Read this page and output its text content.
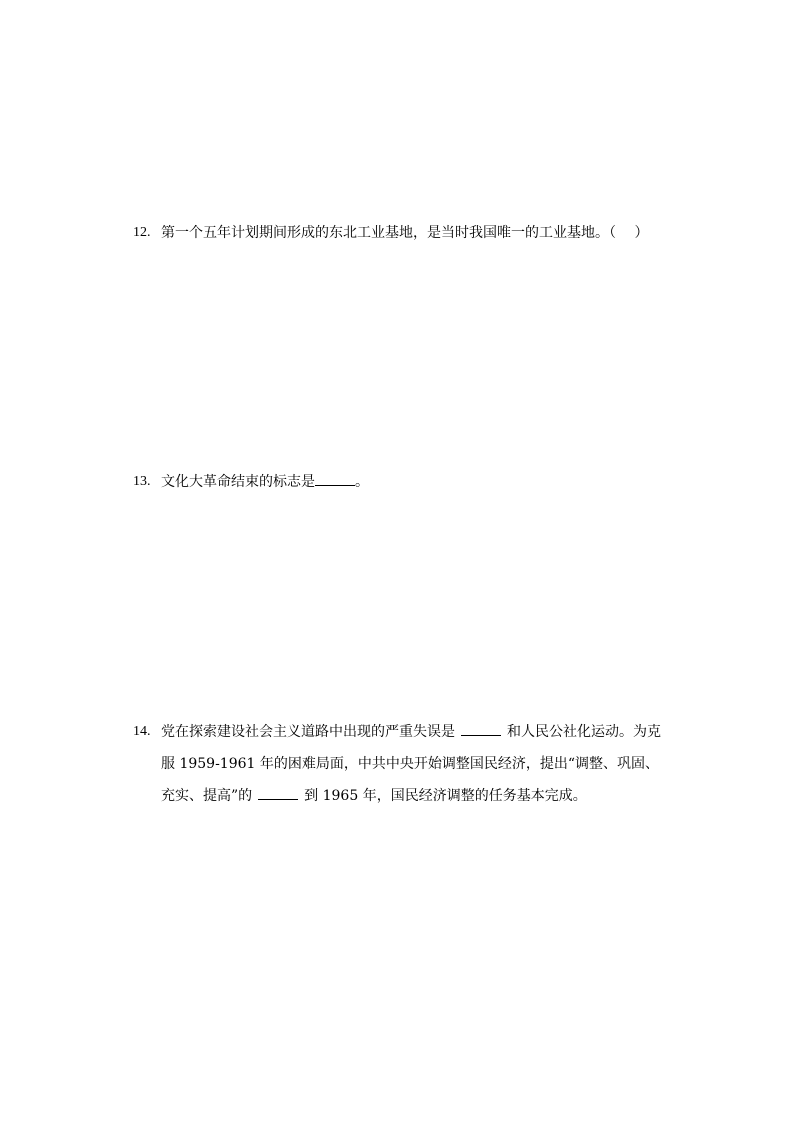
12. 第一个五年计划期间形成的东北工业基地，是当时我国唯一的工业基地。（　 ）
13. 文化大革命结束的标志是	。
14. 党在探索建设社会主义道路中出现的严重失误是	和人民公社化运动。为克服 1959-1961 年的困难局面，中共中央开始调整国民经济，提出“调整、巩固、充实、提高”的	到 1965 年，国民经济调整的任务基本完成。
